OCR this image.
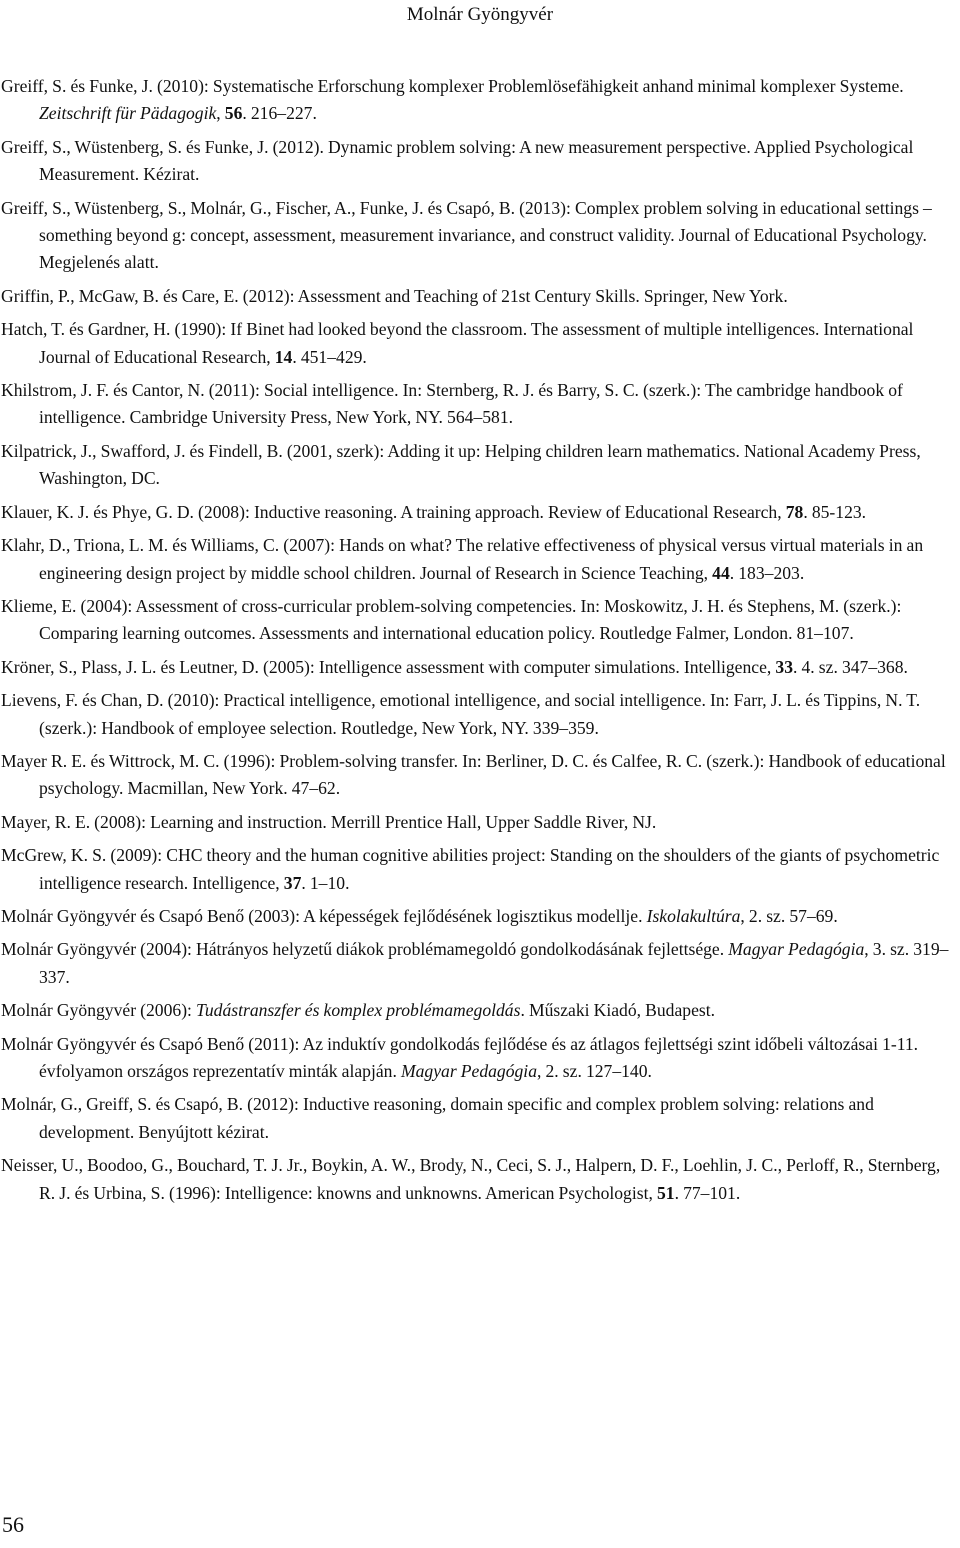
Molnár Gyöngyvér

Greiff, S. és Funke, J. (2010): Systematische Erforschung komplexer Problemlösefähigkeit anhand minimal komplexer Systeme. Zeitschrift für Pädagogik, 56. 216–227.

Greiff, S., Wüstenberg, S. és Funke, J. (2012). Dynamic problem solving: A new measurement perspective. Applied Psychological Measurement. Kézirat.

Greiff, S., Wüstenberg, S., Molnár, G., Fischer, A., Funke, J. és Csapó, B. (2013): Complex problem solving in educational settings – something beyond g: concept, assessment, measurement invariance, and construct validity. Journal of Educational Psychology. Megjelenés alatt.

Griffin, P., McGaw, B. és Care, E. (2012): Assessment and Teaching of 21st Century Skills. Springer, New York.

Hatch, T. és Gardner, H. (1990): If Binet had looked beyond the classroom. The assessment of multiple intelligences. International Journal of Educational Research, 14. 451–429.

Khilstrom, J. F. és Cantor, N. (2011): Social intelligence. In: Sternberg, R. J. és Barry, S. C. (szerk.): The cambridge handbook of intelligence. Cambridge University Press, New York, NY. 564–581.

Kilpatrick, J., Swafford, J. és Findell, B. (2001, szerk): Adding it up: Helping children learn mathematics. National Academy Press, Washington, DC.

Klauer, K. J. és Phye, G. D. (2008): Inductive reasoning. A training approach. Review of Educational Research, 78. 85-123.

Klahr, D., Triona, L. M. és Williams, C. (2007): Hands on what? The relative effectiveness of physical versus virtual materials in an engineering design project by middle school children. Journal of Research in Science Teaching, 44. 183–203.

Klieme, E. (2004): Assessment of cross-curricular problem-solving competencies. In: Moskowitz, J. H. és Stephens, M. (szerk.): Comparing learning outcomes. Assessments and international education policy. Routledge Falmer, London. 81–107.

Kröner, S., Plass, J. L. és Leutner, D. (2005): Intelligence assessment with computer simulations. Intelligence, 33. 4. sz. 347–368.

Lievens, F. és Chan, D. (2010): Practical intelligence, emotional intelligence, and social intelligence. In: Farr, J. L. és Tippins, N. T. (szerk.): Handbook of employee selection. Routledge, New York, NY. 339–359.

Mayer R. E. és Wittrock, M. C. (1996): Problem-solving transfer. In: Berliner, D. C. és Calfee, R. C. (szerk.): Handbook of educational psychology. Macmillan, New York. 47–62.

Mayer, R. E. (2008): Learning and instruction. Merrill Prentice Hall, Upper Saddle River, NJ.

McGrew, K. S. (2009): CHC theory and the human cognitive abilities project: Standing on the shoulders of the giants of psychometric intelligence research. Intelligence, 37. 1–10.

Molnár Gyöngyvér és Csapó Benő (2003): A képességek fejlődésének logisztikus modellje. Iskolakultúra, 2. sz. 57–69.

Molnár Gyöngyvér (2004): Hátrányos helyzetű diákok problémamegoldó gondolkodásának fejlettsége. Magyar Pedagógia, 3. sz. 319–337.

Molnár Gyöngyvér (2006): Tudástranszfer és komplex problémamegoldás. Műszaki Kiadó, Budapest.

Molnár Gyöngyvér és Csapó Benő (2011): Az induktív gondolkodás fejlődése és az átlagos fejlettségi szint időbeli változásai 1-11. évfolyamon országos reprezentatív minták alapján. Magyar Pedagógia, 2. sz. 127–140.

Molnár, G., Greiff, S. és Csapó, B. (2012): Inductive reasoning, domain specific and complex problem solving: relations and development. Benyújtott kézirat.

Neisser, U., Boodoo, G., Bouchard, T. J. Jr., Boykin, A. W., Brody, N., Ceci, S. J., Halpern, D. F., Loehlin, J. C., Perloff, R., Sternberg, R. J. és Urbina, S. (1996): Intelligence: knowns and unknowns. American Psychologist, 51. 77–101.

56
